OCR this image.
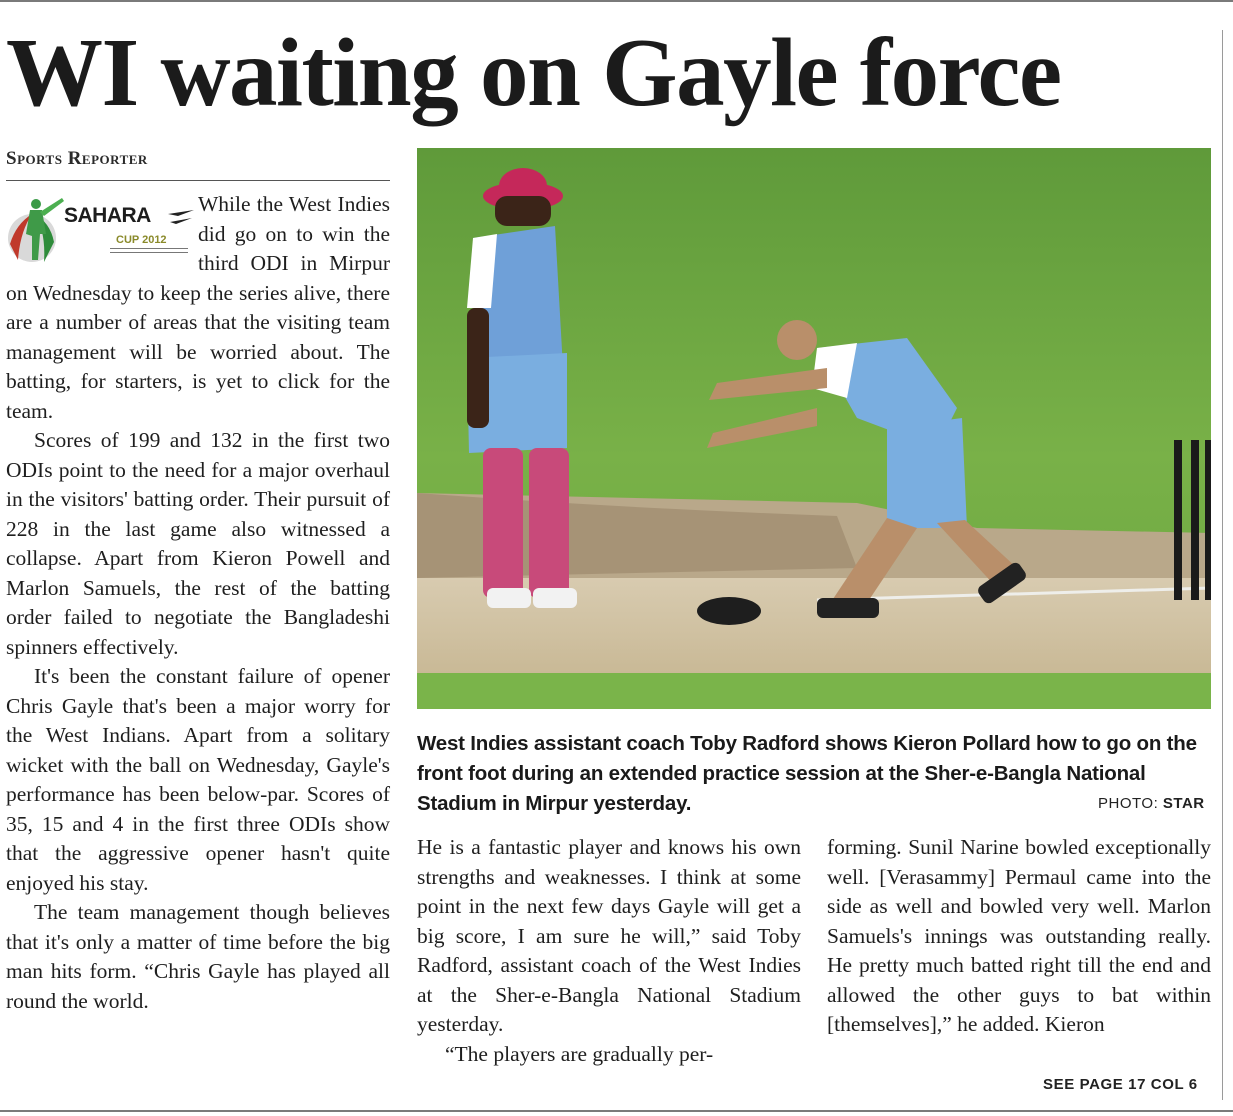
WI waiting on Gayle force
Sports Reporter

While the West Indies did go on to win the third ODI in Mirpur on Wednesday to keep the series alive, there are a number of areas that the visiting team management will be worried about. The batting, for starters, is yet to click for the team.

Scores of 199 and 132 in the first two ODIs point to the need for a major overhaul in the visitors' batting order. Their pursuit of 228 in the last game also witnessed a collapse. Apart from Kieron Powell and Marlon Samuels, the rest of the batting order failed to negotiate the Bangladeshi spinners effectively.

It's been the constant failure of opener Chris Gayle that's been a major worry for the West Indians. Apart from a solitary wicket with the ball on Wednesday, Gayle's performance has been below-par. Scores of 35, 15 and 4 in the first three ODIs show that the aggressive opener hasn't quite enjoyed his stay.

The team management though believes that it's only a matter of time before the big man hits form. “Chris Gayle has played all round the world.

SAHARA
CUP 2012
West Indies assistant coach Toby Radford shows Kieron Pollard how to go on the front foot during an extended practice session at the Sher-e-Bangla National Stadium in Mirpur yesterday.	PHOTO: STAR

He is a fantastic player and knows his own strengths and weaknesses. I think at some point in the next few days Gayle will get a big score, I am sure he will,” said Toby Radford, assistant coach of the West Indies at the Sher-e-Bangla National Stadium yesterday.

“The players are gradually per-

forming. Sunil Narine bowled exceptionally well. [Verasammy] Permaul came into the side as well and bowled very well. Marlon Samuels's innings was outstanding really. He pretty much batted right till the end and allowed the other guys to bat within [themselves],” he added. Kieron

SEE PAGE 17 COL 6
